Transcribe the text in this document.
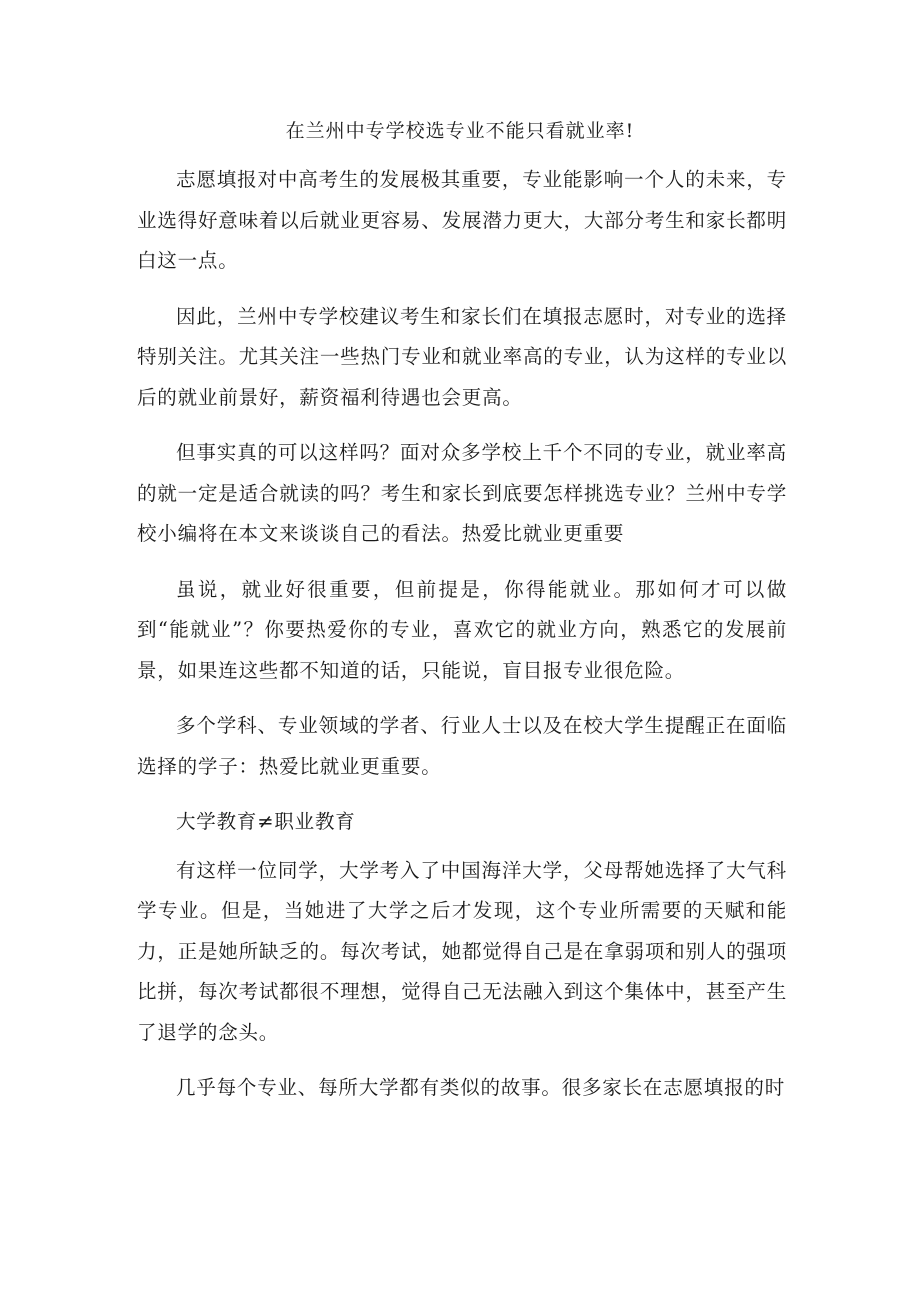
在兰州中专学校选专业不能只看就业率!

志愿填报对中高考生的发展极其重要，专业能影响一个人的未来，专业选得好意味着以后就业更容易、发展潜力更大，大部分考生和家长都明白这一点。

因此，兰州中专学校建议考生和家长们在填报志愿时，对专业的选择特别关注。尤其关注一些热门专业和就业率高的专业，认为这样的专业以后的就业前景好，薪资福利待遇也会更高。

但事实真的可以这样吗？面对众多学校上千个不同的专业，就业率高的就一定是适合就读的吗？考生和家长到底要怎样挑选专业？兰州中专学校小编将在本文来谈谈自己的看法。热爱比就业更重要

虽说，就业好很重要，但前提是，你得能就业。那如何才可以做到“能就业”？你要热爱你的专业，喜欢它的就业方向，熟悉它的发展前景，如果连这些都不知道的话，只能说，盲目报专业很危险。

多个学科、专业领域的学者、行业人士以及在校大学生提醒正在面临选择的学子：热爱比就业更重要。

大学教育≠职业教育

有这样一位同学，大学考入了中国海洋大学，父母帮她选择了大气科学专业。但是，当她进了大学之后才发现，这个专业所需要的天赋和能力，正是她所缺乏的。每次考试，她都觉得自己是在拿弱项和别人的强项比拼，每次考试都很不理想，觉得自己无法融入到这个集体中，甚至产生了退学的念头。

几乎每个专业、每所大学都有类似的故事。很多家长在志愿填报的时
